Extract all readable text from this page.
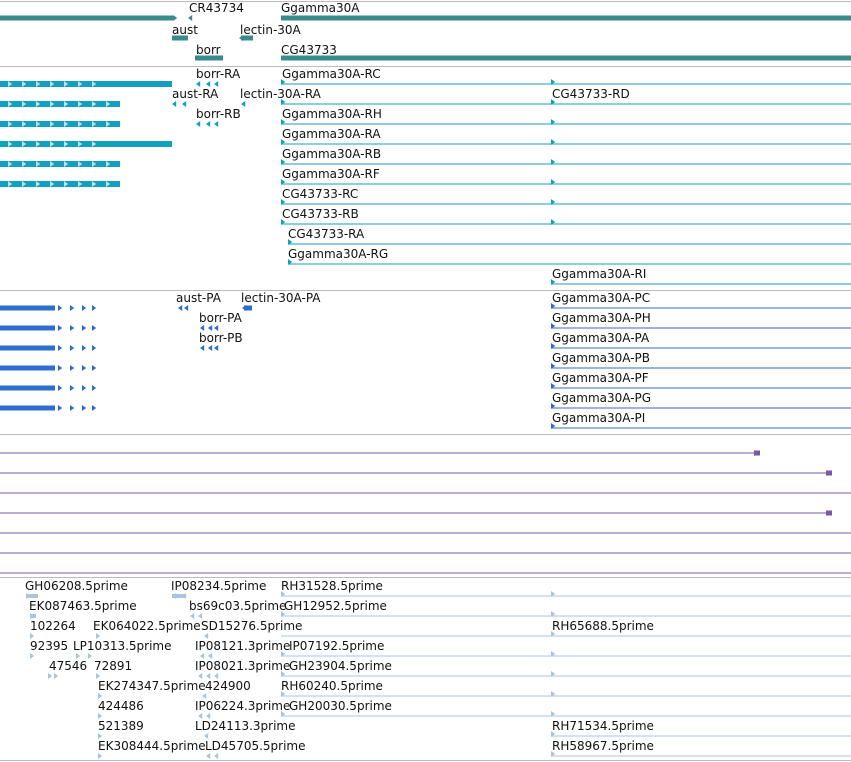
CR43734	Ggamma30A
aust	lectin-30A
borr	CG43733
borr-RA	Ggamma30A-RC
aust-RA lectin-30A-RA	CG43733-RD
borr-RB	Ggamma30A-RH
Ggamma30A-RA
Ggamma30A-RB
Ggamma30A-RF
CG43733-RC
CG43733-RB
CG43733-RA
Ggamma30A-RG
Ggamma30A-RI
aust-PA lectin-30A-PA	Ggamma30A-PC
borr-PA	Ggamma30A-PH
borr-PB	Ggamma30A-PA
Ggamma30A-PB
Ggamma30A-PF
Ggamma30A-PG
Ggamma30A-PI
GH06208.5prime	IP08234.5prime RH31528.5prime
EK087463.5prime	bs69c03.5prime
GH12952.5prime
102264 EK064022.5prime SD15276.5prime	RH65688.5prime
92395 LP10313.5prime IP08121.3prime
IP07192.5prime
47546 72891	IP08021.3prime
GH23904.5prime
EK274347.5prime 424900	RH60240.5prime
424486	IP06224.3prime
GH20030.5prime
521389	LD24113.3prime	RH71534.5prime
EK308444.5prime LD45705.5prime	RH58967.5prime
